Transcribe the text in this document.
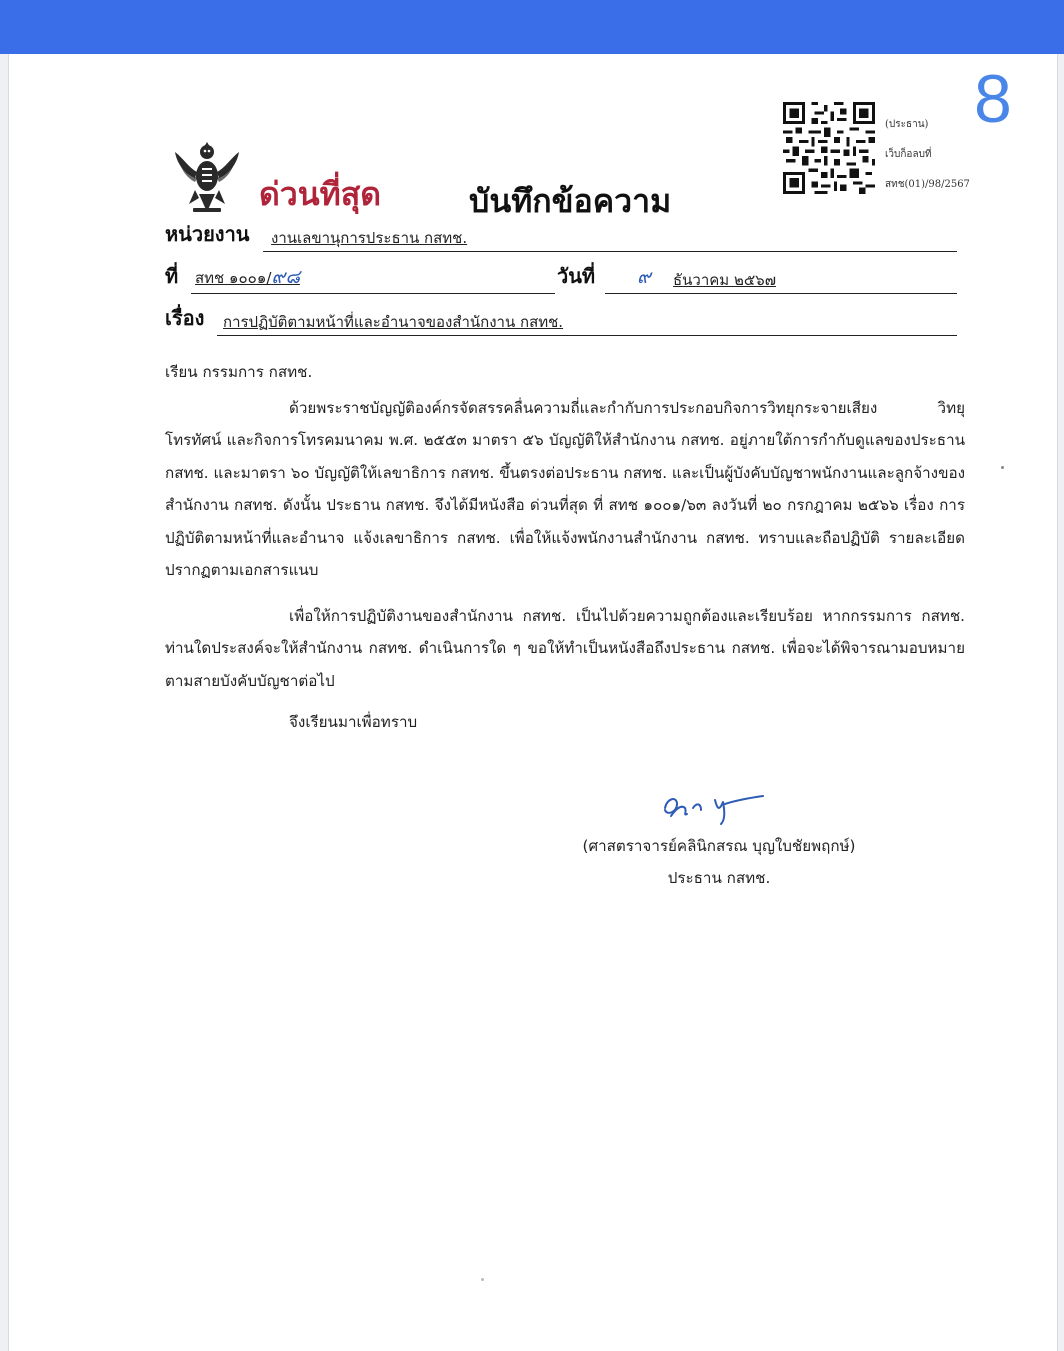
8
ด่วนที่สุด	บันทึกข้อความ
(ประธาน)
เว็บก็อลบที่
สทช(01)/98/2567
หน่วยงาน งานเลขานุการประธาน กสทช.
ที่ สทช ๑๐๐๑/๙๘	วันที่ ๙ ธันวาคม ๒๕๖๗
เรื่อง การปฏิบัติตามหน้าที่และอำนาจของสำนักงาน กสทช.
เรียน กรรมการ กสทช.

ด้วยพระราชบัญญัติองค์กรจัดสรรคลื่นความถี่และกำกับการประกอบกิจการวิทยุกระจายเสียง วิทยุโทรทัศน์ และกิจการโทรคมนาคม พ.ศ. ๒๕๕๓ มาตรา ๕๖ บัญญัติให้สำนักงาน กสทช. อยู่ภายใต้การกำกับดูแลของประธาน กสทช. และมาตรา ๖๐ บัญญัติให้เลขาธิการ กสทช. ขึ้นตรงต่อประธาน กสทช. และเป็นผู้บังคับบัญชาพนักงานและลูกจ้างของสำนักงาน กสทช. ดังนั้น ประธาน กสทช. จึงได้มีหนังสือ ด่วนที่สุด ที่ สทช ๑๐๐๑/๖๓ ลงวันที่ ๒๐ กรกฎาคม ๒๕๖๖ เรื่อง การปฏิบัติตามหน้าที่และอำนาจ แจ้งเลขาธิการ กสทช. เพื่อให้แจ้งพนักงานสำนักงาน กสทช. ทราบและถือปฏิบัติ รายละเอียดปรากฏตามเอกสารแนบ

เพื่อให้การปฏิบัติงานของสำนักงาน กสทช. เป็นไปด้วยความถูกต้องและเรียบร้อย หากกรรมการ กสทช. ท่านใดประสงค์จะให้สำนักงาน กสทช. ดำเนินการใด ๆ ขอให้ทำเป็นหนังสือถึงประธาน กสทช. เพื่อจะได้พิจารณามอบหมายตามสายบังคับบัญชาต่อไป

จึงเรียนมาเพื่อทราบ
(ศาสตราจารย์คลินิกสรณ บุญใบชัยพฤกษ์)
ประธาน กสทช.
